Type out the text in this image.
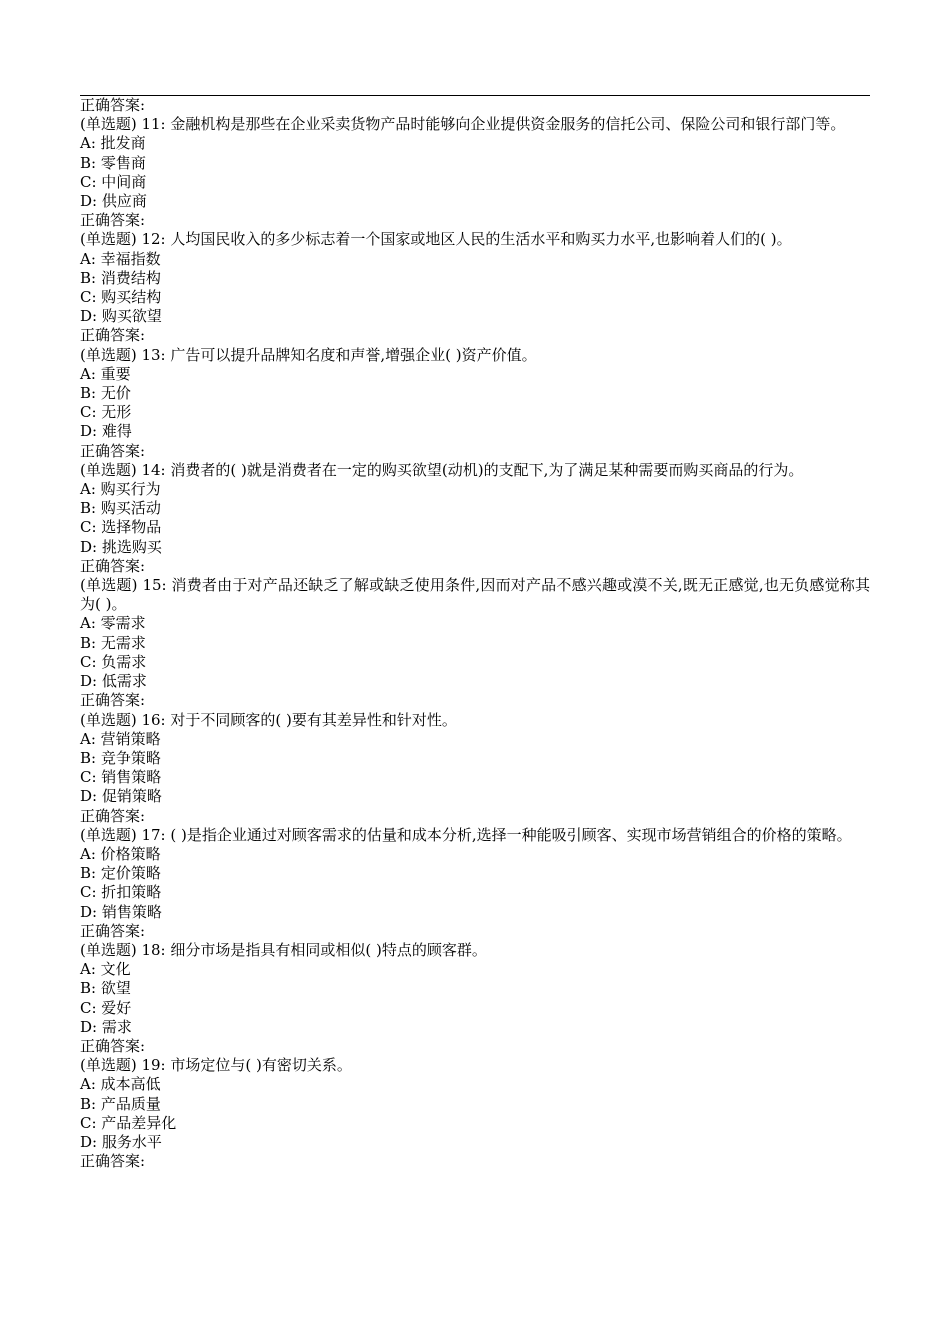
正确答案:
(单选题) 11: 金融机构是那些在企业采卖货物产品时能够向企业提供资金服务的信托公司、保险公司和银行部门等。
A: 批发商
B: 零售商
C: 中间商
D: 供应商
正确答案:
(单选题) 12: 人均国民收入的多少标志着一个国家或地区人民的生活水平和购买力水平,也影响着人们的( )。
A: 幸福指数
B: 消费结构
C: 购买结构
D: 购买欲望
正确答案:
(单选题) 13: 广告可以提升品牌知名度和声誉,增强企业( )资产价值。
A: 重要
B: 无价
C: 无形
D: 难得
正确答案:
(单选题) 14: 消费者的( )就是消费者在一定的购买欲望(动机)的支配下,为了满足某种需要而购买商品的行为。
A: 购买行为
B: 购买活动
C: 选择物品
D: 挑选购买
正确答案:
(单选题) 15: 消费者由于对产品还缺乏了解或缺乏使用条件,因而对产品不感兴趣或漠不关,既无正感觉,也无负感觉称其为( )。
A: 零需求
B: 无需求
C: 负需求
D: 低需求
正确答案:
(单选题) 16: 对于不同顾客的( )要有其差异性和针对性。
A: 营销策略
B: 竞争策略
C: 销售策略
D: 促销策略
正确答案:
(单选题) 17: ( )是指企业通过对顾客需求的估量和成本分析,选择一种能吸引顾客、实现市场营销组合的价格的策略。
A: 价格策略
B: 定价策略
C: 折扣策略
D: 销售策略
正确答案:
(单选题) 18: 细分市场是指具有相同或相似( )特点的顾客群。
A: 文化
B: 欲望
C: 爱好
D: 需求
正确答案:
(单选题) 19: 市场定位与( )有密切关系。
A: 成本高低
B: 产品质量
C: 产品差异化
D: 服务水平
正确答案:
